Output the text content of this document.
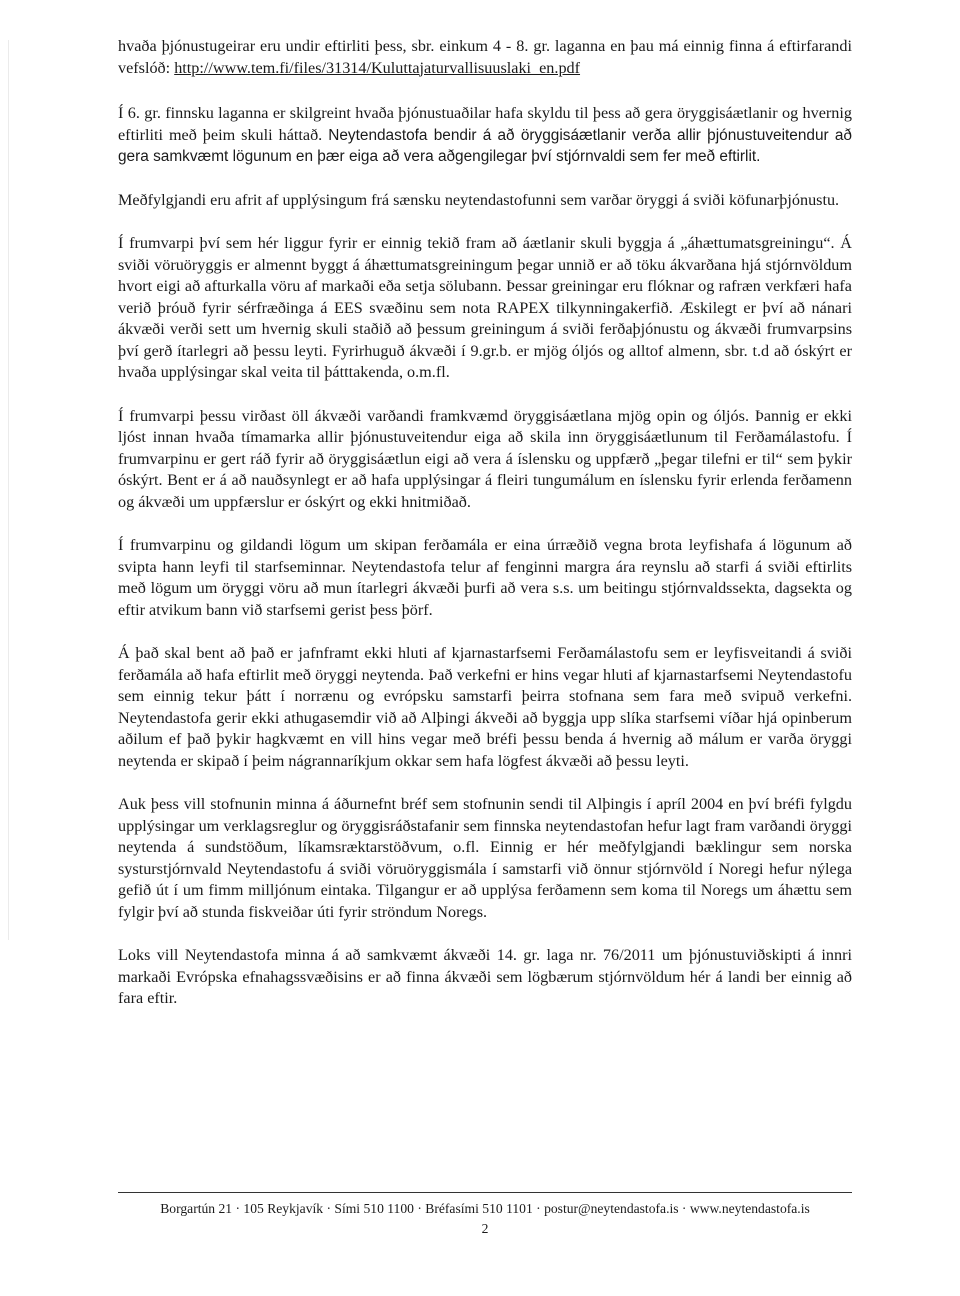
hvaða þjónustugeirar eru undir eftirliti þess, sbr. einkum 4 - 8. gr. laganna en þau má einnig finna á eftirfarandi vefslóð: http://www.tem.fi/files/31314/Kuluttajaturvallisuuslaki_en.pdf

Í 6. gr. finnsku laganna er skilgreint hvaða þjónustuaðilar hafa skyldu til þess að gera öryggisáætlanir og hvernig eftirliti með þeim skuli háttað. Neytendastofa bendir á að öryggisáætlanir verða allir þjónustuveitendur að gera samkvæmt lögunum en þær eiga að vera aðgengilegar því stjórnvaldi sem fer með eftirlit.

Meðfylgjandi eru afrit af upplýsingum frá sænsku neytendastofunni sem varðar öryggi á sviði köfunarþjónustu.

Í frumvarpi því sem hér liggur fyrir er einnig tekið fram að áætlanir skuli byggja á „áhættumatsgreiningu“. Á sviði vöruöryggis er almennt byggt á áhættumatsgreiningum þegar unnið er að töku ákvarðana hjá stjórnvöldum hvort eigi að afturkalla vöru af markaði eða setja sölubann. Þessar greiningar eru flóknar og rafræn verkfæri hafa verið þróuð fyrir sérfræðinga á EES svæðinu sem nota RAPEX tilkynningakerfið. Æskilegt er því að nánari ákvæði verði sett um hvernig skuli staðið að þessum greiningum á sviði ferðaþjónustu og ákvæði frumvarpsins því gerð ítarlegri að þessu leyti. Fyrirhuguð ákvæði í 9.gr.b. er mjög óljós og alltof almenn, sbr. t.d að óskýrt er hvaða upplýsingar skal veita til þátttakenda, o.m.fl.

Í frumvarpi þessu virðast öll ákvæði varðandi framkvæmd öryggisáætlana mjög opin og óljós. Þannig er ekki ljóst innan hvaða tímamarka allir þjónustuveitendur eiga að skila inn öryggisáætlunum til Ferðamálastofu. Í frumvarpinu er gert ráð fyrir að öryggisáætlun eigi að vera á íslensku og uppfærð „þegar tilefni er til“ sem þykir óskýrt. Bent er á að nauðsynlegt er að hafa upplýsingar á fleiri tungumálum en íslensku fyrir erlenda ferðamenn og ákvæði um uppfærslur er óskýrt og ekki hnitmiðað.

Í frumvarpinu og gildandi lögum um skipan ferðamála er eina úrræðið vegna brota leyfishafa á lögunum að svipta hann leyfi til starfseminnar. Neytendastofa telur af fenginni margra ára reynslu að starfi á sviði eftirlits með lögum um öryggi vöru að mun ítarlegri ákvæði þurfi að vera s.s. um beitingu stjórnvaldssekta, dagsekta og eftir atvikum bann við starfsemi gerist þess þörf.

Á það skal bent að það er jafnframt ekki hluti af kjarnastarfsemi Ferðamálastofu sem er leyfisveitandi á sviði ferðamála að hafa eftirlit með öryggi neytenda. Það verkefni er hins vegar hluti af kjarnastarfsemi Neytendastofu sem einnig tekur þátt í norrænu og evrópsku samstarfi þeirra stofnana sem fara með svipuð verkefni. Neytendastofa gerir ekki athugasemdir við að Alþingi ákveði að byggja upp slíka starfsemi víðar hjá opinberum aðilum ef það þykir hagkvæmt en vill hins vegar með bréfi þessu benda á hvernig að málum er varða öryggi neytenda er skipað í þeim nágrannaríkjum okkar sem hafa lögfest ákvæði að þessu leyti.

Auk þess vill stofnunin minna á áðurnefnt bréf sem stofnunin sendi til Alþingis í apríl 2004 en því bréfi fylgdu upplýsingar um verklagsreglur og öryggisráðstafanir sem finnska neytendastofan hefur lagt fram varðandi öryggi neytenda á sundstöðum, líkamsræktarstöðvum, o.fl. Einnig er hér meðfylgjandi bæklingur sem norska systurstjórnvald Neytendastofu á sviði vöruöryggismála í samstarfi við önnur stjórnvöld í Noregi hefur nýlega gefið út í um fimm milljónum eintaka. Tilgangur er að upplýsa ferðamenn sem koma til Noregs um áhættu sem fylgir því að stunda fiskveiðar úti fyrir ströndum Noregs.

Loks vill Neytendastofa minna á að samkvæmt ákvæði 14. gr. laga nr. 76/2011 um þjónustuviðskipti á innri markaði Evrópska efnahagssvæðisins er að finna ákvæði sem lögbærum stjórnvöldum hér á landi ber einnig að fara eftir.

Borgartún 21 · 105 Reykjavík · Sími 510 1100 · Bréfasími 510 1101 · postur@neytendastofa.is · www.neytendastofa.is
2
